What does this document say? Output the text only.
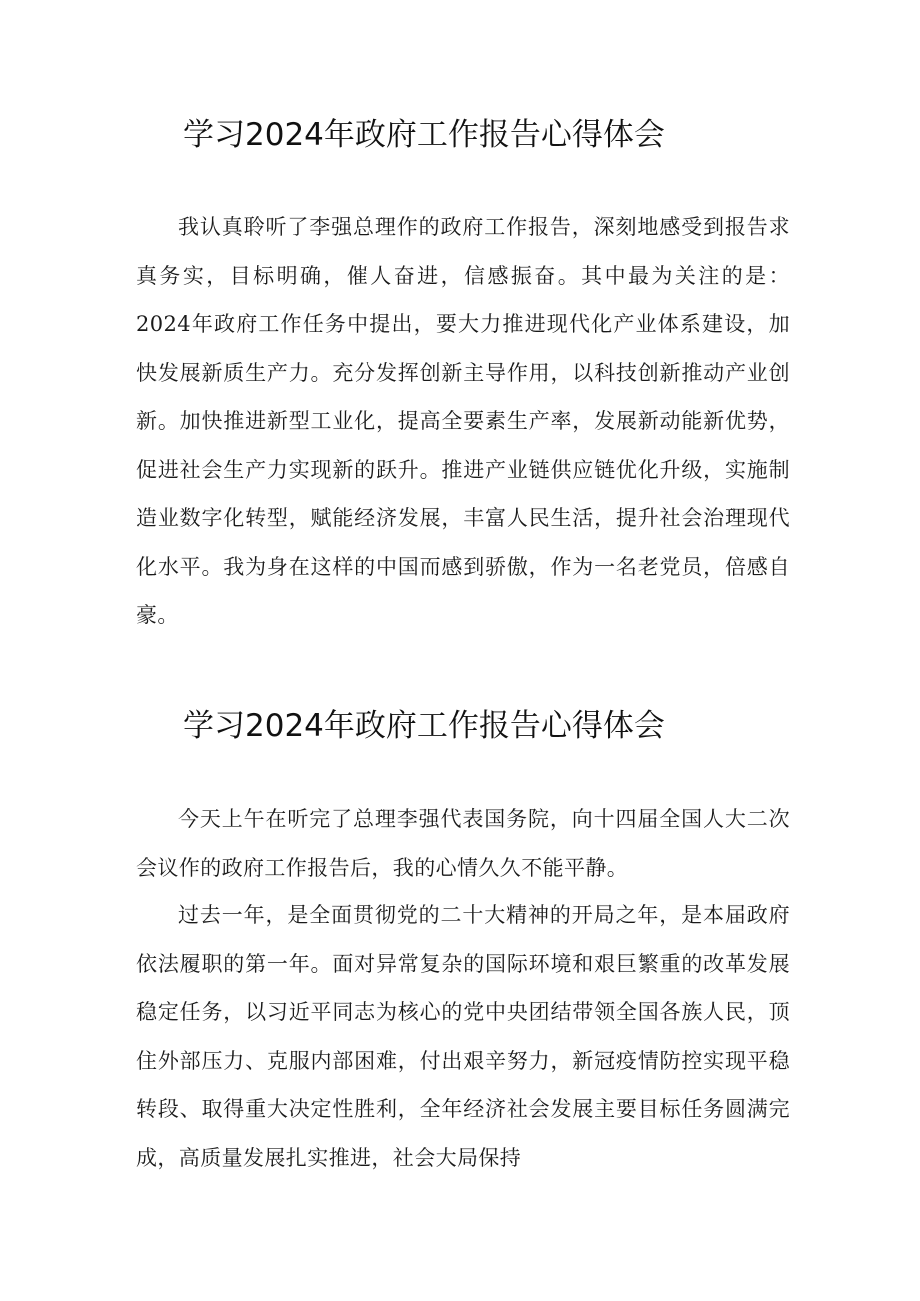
学习2024年政府工作报告心得体会

我认真聆听了李强总理作的政府工作报告，深刻地感受到报告求真务实，目标明确，催人奋进，信感振奋。其中最为关注的是：2024年政府工作任务中提出，要大力推进现代化产业体系建设，加快发展新质生产力。充分发挥创新主导作用，以科技创新推动产业创新。加快推进新型工业化，提高全要素生产率，发展新动能新优势，促进社会生产力实现新的跃升。推进产业链供应链优化升级，实施制造业数字化转型，赋能经济发展，丰富人民生活，提升社会治理现代化水平。我为身在这样的中国而感到骄傲，作为一名老党员，倍感自豪。

学习2024年政府工作报告心得体会

今天上午在听完了总理李强代表国务院，向十四届全国人大二次会议作的政府工作报告后，我的心情久久不能平静。

过去一年，是全面贯彻党的二十大精神的开局之年，是本届政府依法履职的第一年。面对异常复杂的国际环境和艰巨繁重的改革发展稳定任务，以习近平同志为核心的党中央团结带领全国各族人民，顶住外部压力、克服内部困难，付出艰辛努力，新冠疫情防控实现平稳转段、取得重大决定性胜利，全年经济社会发展主要目标任务圆满完成，高质量发展扎实推进，社会大局保持
